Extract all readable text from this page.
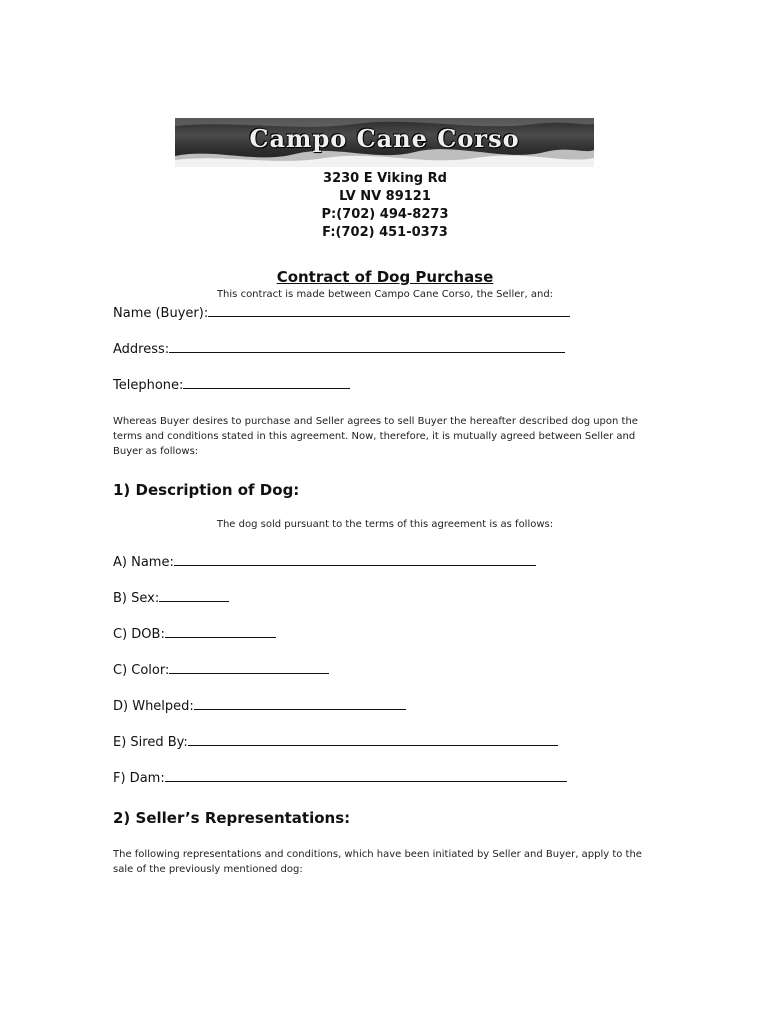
Campo Cane Corso
3230 E Viking Rd
LV NV 89121
P:(702) 494-8273
F:(702) 451-0373
Contract of Dog Purchase
This contract is made between Campo Cane Corso, the Seller, and:
Name (Buyer):
Address:
Telephone:
Whereas Buyer desires to purchase and Seller agrees to sell Buyer the hereafter described dog upon the terms and conditions stated in this agreement. Now, therefore, it is mutually agreed between Seller and Buyer as follows:
1) Description of Dog:
The dog sold pursuant to the terms of this agreement is as follows:
A) Name:
B) Sex:
C) DOB:
C) Color:
D) Whelped:
E) Sired By:
F) Dam:
2) Seller’s Representations:
The following representations and conditions, which have been initiated by Seller and Buyer, apply to the sale of the previously mentioned dog:
